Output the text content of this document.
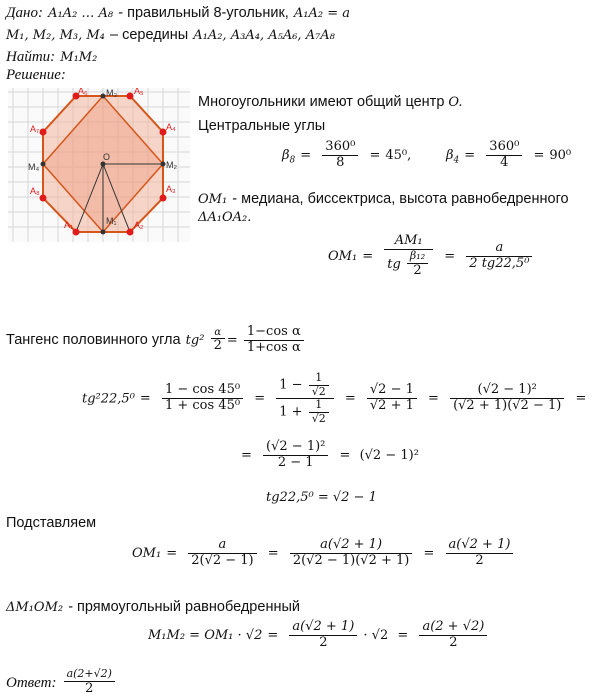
Дано: A₁A₂ … A₈ - правильный 8-угольник, A₁A₂ = a
M₁, M₂, M₃, M₄ – середины A₁A₂, A₃A₄, A₅A₆, A₇A₈
Найти: M₁M₂
Решение:
A₆ M₃ A₅
A₇	A₄
M₄
O
M₂
A₈	A₃
A₁	M₁ A₂
Многоугольники имеют общий центр O.
Центральные углы
$\beta_8 = \frac{\text{360⁰}}{8} = 45^0$,	$\beta_4 = \frac{\text{360⁰}}{4} = 90^0$
OM₁ - медиана, биссектриса, высота равнобедренного
ΔA₁OA₂.
$OM_1 = \frac{\text{AM₁}}{tg \frac{\text{β₁₂}}{2}} = \frac{a}{\text{2 tg22,5⁰}}$
Тангенс половинного угла $tg^2 \frac{\alpha}{2} = \frac{\text{1−cos α}}{\text{1+cos α}}$
$tg^222,5^0 = \frac{\text{1 − cos 45⁰}}{\text{1 + cos 45⁰}} = \frac{1 - \frac{1}{√2}}{1 + \frac{1}{√2}} = \frac{√2 - 1}{√2 + 1} = \frac{\text{(√2 − 1)²}}{(√2 + 1)(√2 - 1)}$ =
= $\frac{\text{(√2 − 1)²}}{2 - 1} = (√2 - 1)^2$
tg22,5⁰ = √2 − 1
Подставляем
$OM_1 = \frac{a}{2(√2 - 1)} = \frac{a(√2 + 1)}{2(√2 - 1)(√2 + 1)} = \frac{a(√2 + 1)}{2}$
ΔM₁OM₂ - прямоугольный равнобедренный
$M_1M_2 = OM_1 \cdot √2 = \frac{a(√2 + 1)}{2} \cdot √2 = \frac{a(2 + √2)}{2}$
Ответ: $\frac{a(2+√2)}{2}$
